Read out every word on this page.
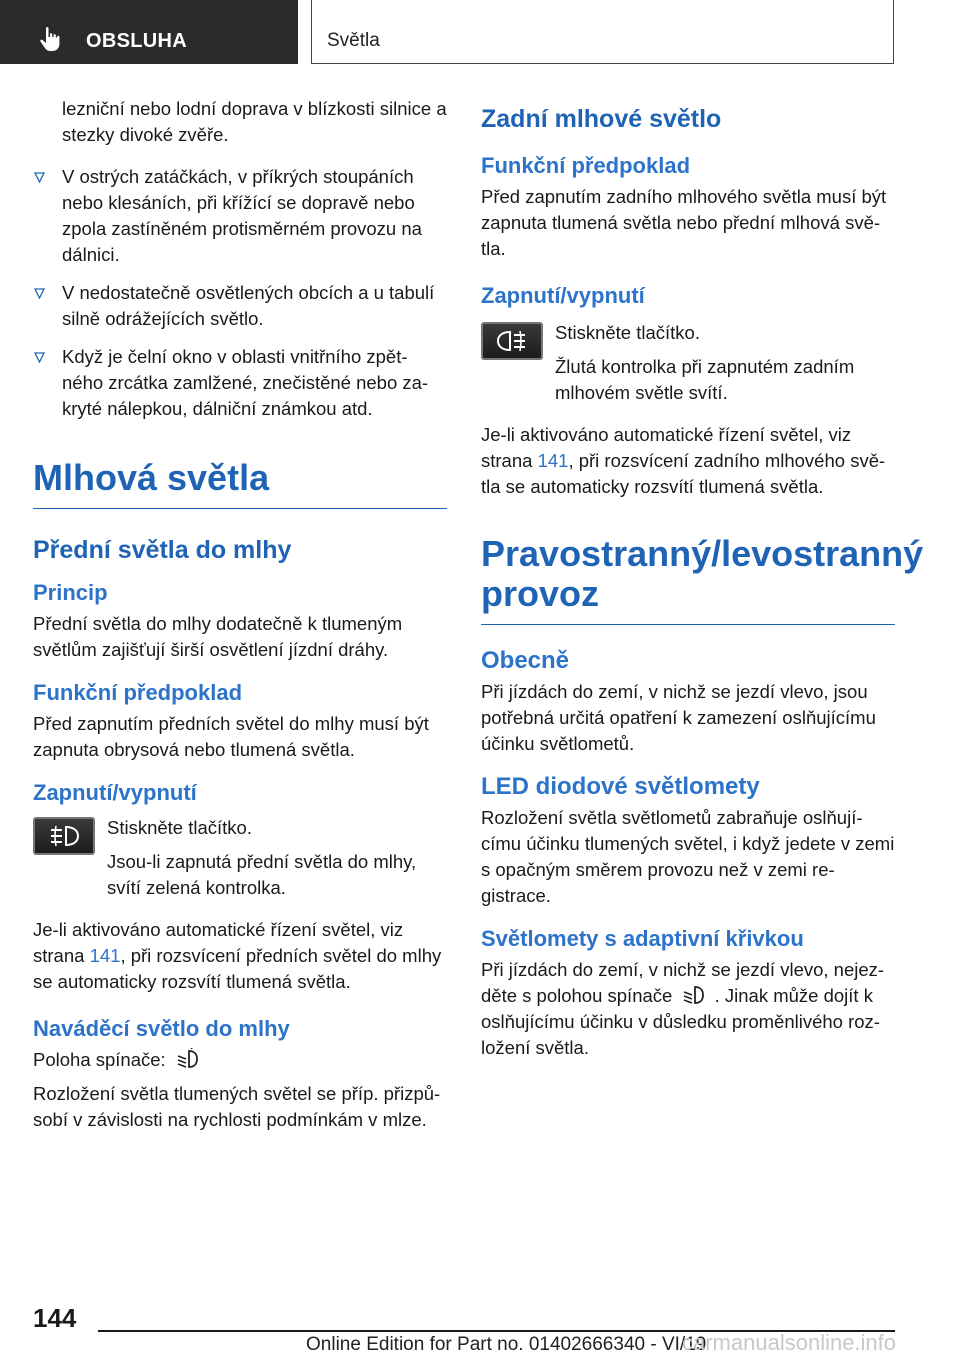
OBSLUHA	Světla

lezniční nebo lodní doprava v blízkosti silnice a stezky divoké zvěře.

V ostrých zatáčkách, v příkrých stoupáních nebo klesáních, při křížící se dopravě nebo zpola zastíněném protisměrném provozu na dálnici.

V nedostatečně osvětlených obcích a u tabulí silně odrážejících světlo.

Když je čelní okno v oblasti vnitřního zpět-ného zrcátka zamlžené, znečistěné nebo za-kryté nálepkou, dálniční známkou atd.

Mlhová světla
Přední světla do mlhy
Princip

Přední světla do mlhy dodatečně k tlumeným světlům zajišťují širší osvětlení jízdní dráhy.

Funkční předpoklad

Před zapnutím předních světel do mlhy musí být zapnuta obrysová nebo tlumená světla.

Zapnutí/vypnutí

Stiskněte tlačítko.

Jsou-li zapnutá přední světla do mlhy, svítí zelená kontrolka.

Je-li aktivováno automatické řízení světel, viz strana 141, při rozsvícení předních světel do mlhy se automaticky rozsvítí tlumená světla.

Naváděcí světlo do mlhy

Poloha spínače:

Rozložení světla tlumených světel se příp. přizpů-sobí v závislosti na rychlosti podmínkám v mlze.

Zadní mlhové světlo
Funkční předpoklad

Před zapnutím zadního mlhového světla musí být zapnuta tlumená světla nebo přední mlhová svě-tla.

Zapnutí/vypnutí

Stiskněte tlačítko.

Žlutá kontrolka při zapnutém zadním mlhovém světle svítí.

Je-li aktivováno automatické řízení světel, viz strana 141, při rozsvícení zadního mlhového svě-tla se automaticky rozsvítí tlumená světla.

Pravostranný/levostranný provoz
Obecně

Při jízdách do zemí, v nichž se jezdí vlevo, jsou potřebná určitá opatření k zamezení oslňujícímu účinku světlometů.

LED diodové světlomety

Rozložení světla světlometů zabraňuje oslňují-címu účinku tlumených světel, i když jedete v zemi s opačným směrem provozu než v zemi re-gistrace.

Světlomety s adaptivní křivkou

Při jízdách do zemí, v nichž se jezdí vlevo, nejez-děte s polohou spínače  . Jinak může dojít k oslňujícímu účinku v důsledku proměnlivého roz-ložení světla.

144
Online Edition for Part no. 01402666340 - VI/19
carmanualsonline.info
